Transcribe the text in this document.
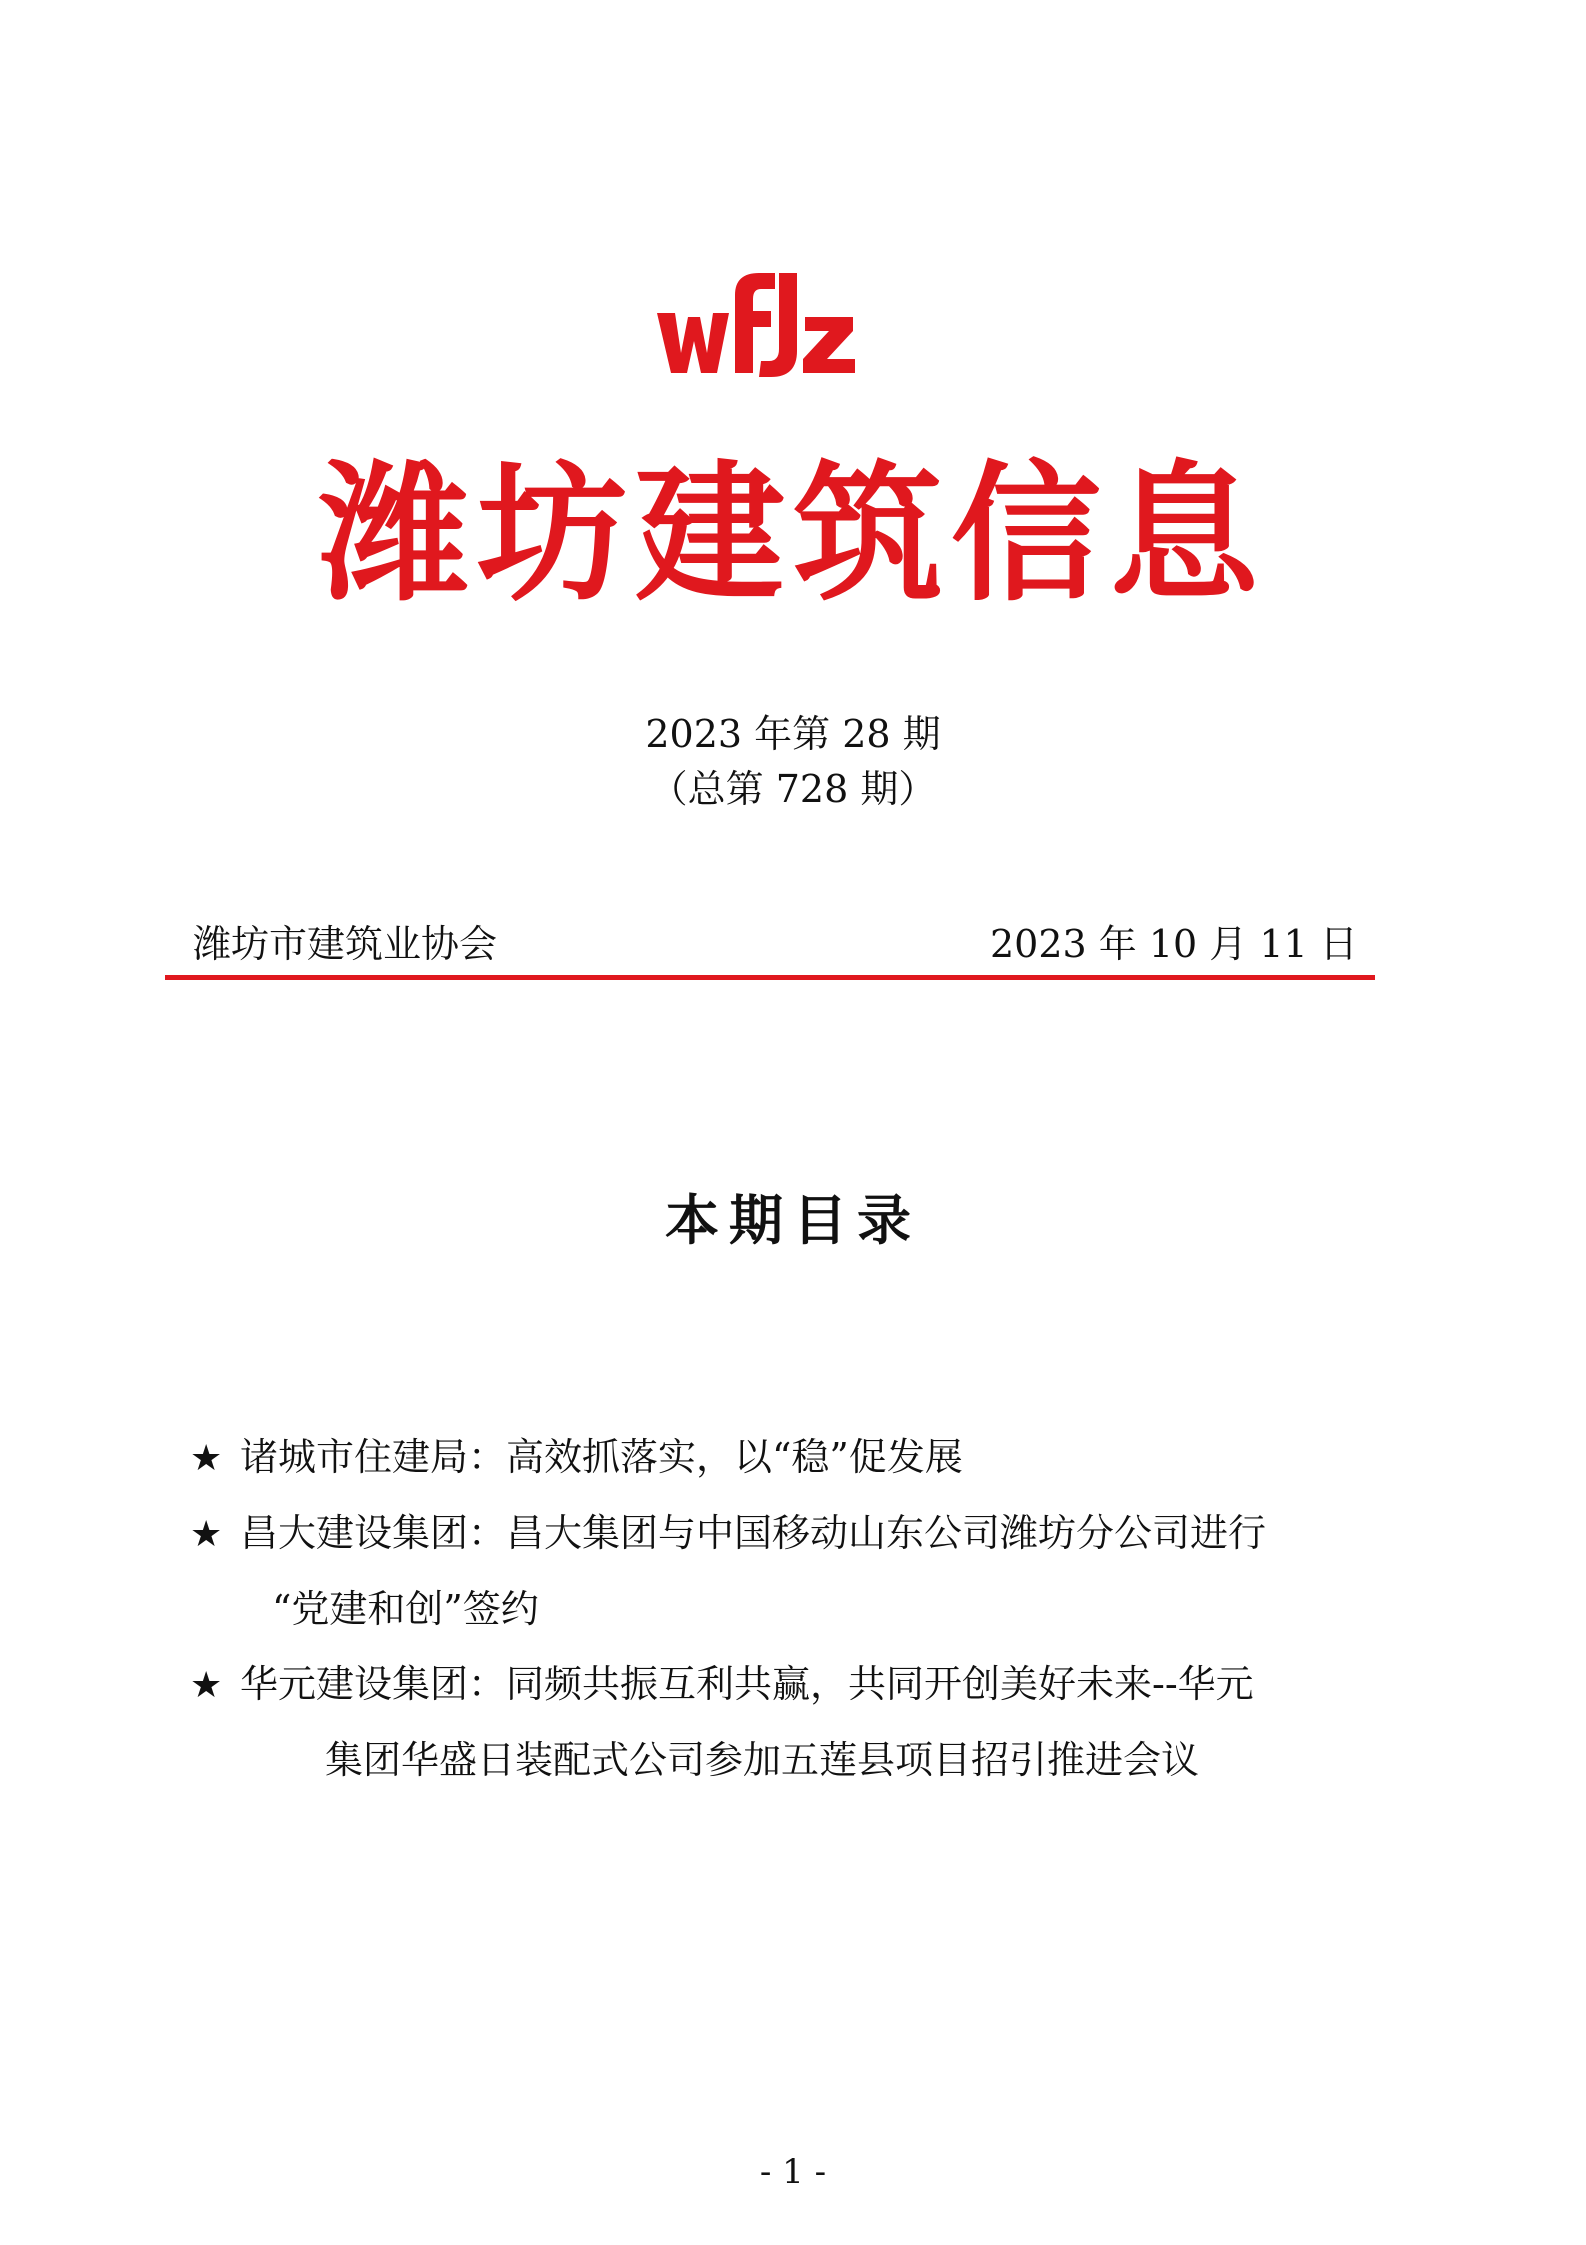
潍坊建筑信息
2023 年第 28 期
（总第 728 期）
潍坊市建筑业协会	2023 年 10 月 11 日
本期目录
★ 诸城市住建局：高效抓落实，以“稳”促发展
★ 昌大建设集团：昌大集团与中国移动山东公司潍坊分公司进行
“党建和创”签约
★ 华元建设集团：同频共振互利共赢，共同开创美好未来--华元
集团华盛日装配式公司参加五莲县项目招引推进会议
- 1 -
